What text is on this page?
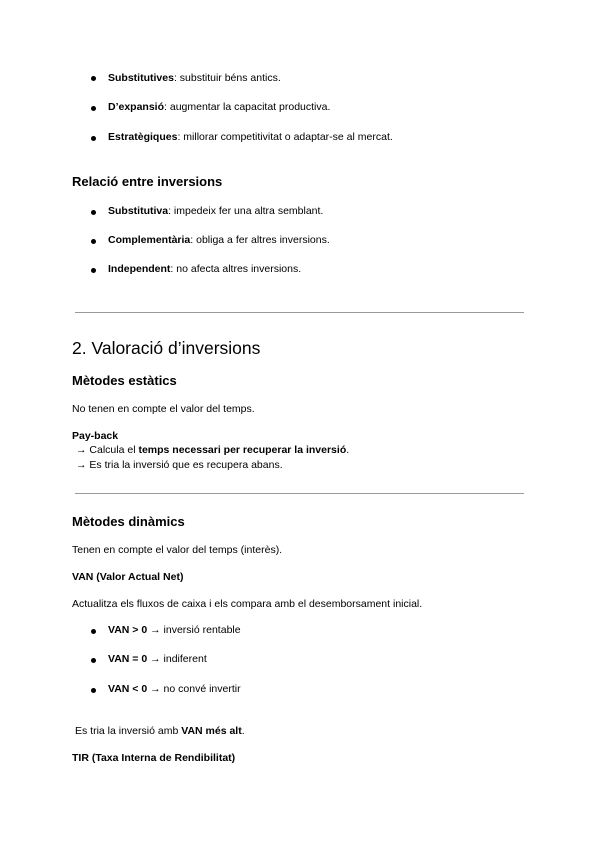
Substitutives: substituir béns antics.
D’expansió: augmentar la capacitat productiva.
Estratègiques: millorar competitivitat o adaptar-se al mercat.
Relació entre inversions
Substitutiva: impedeix fer una altra semblant.
Complementària: obliga a fer altres inversions.
Independent: no afecta altres inversions.
2. Valoració d’inversions
Mètodes estàtics
No tenen en compte el valor del temps.
Pay-back
→ Calcula el temps necessari per recuperar la inversió.
→ Es tria la inversió que es recupera abans.
Mètodes dinàmics
Tenen en compte el valor del temps (interès).
VAN (Valor Actual Net)
Actualitza els fluxos de caixa i els compara amb el desemborsament inicial.
VAN > 0 → inversió rentable
VAN = 0 → indiferent
VAN < 0 → no convé invertir
Es tria la inversió amb VAN més alt.
TIR (Taxa Interna de Rendibilitat)
